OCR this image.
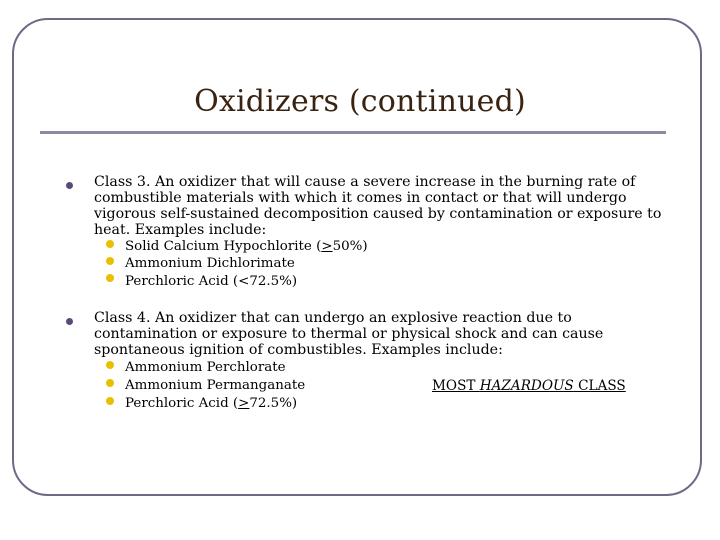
Oxidizers (continued)
Class 3. An oxidizer that will cause a severe increase in the burning rate of
combustible materials with which it comes in contact or that will undergo
vigorous self-sustained decomposition caused by contamination or exposure to
heat. Examples include:
Solid Calcium Hypochlorite (>50%)
Ammonium Dichlorimate
Perchloric Acid (<72.5%)
Class 4. An oxidizer that can undergo an explosive reaction due to
contamination or exposure to thermal or physical shock and can cause
spontaneous ignition of combustibles. Examples include:
Ammonium Perchlorate
Ammonium Permanganate
Perchloric Acid (>72.5%)
MOST HAZARDOUS CLASS
